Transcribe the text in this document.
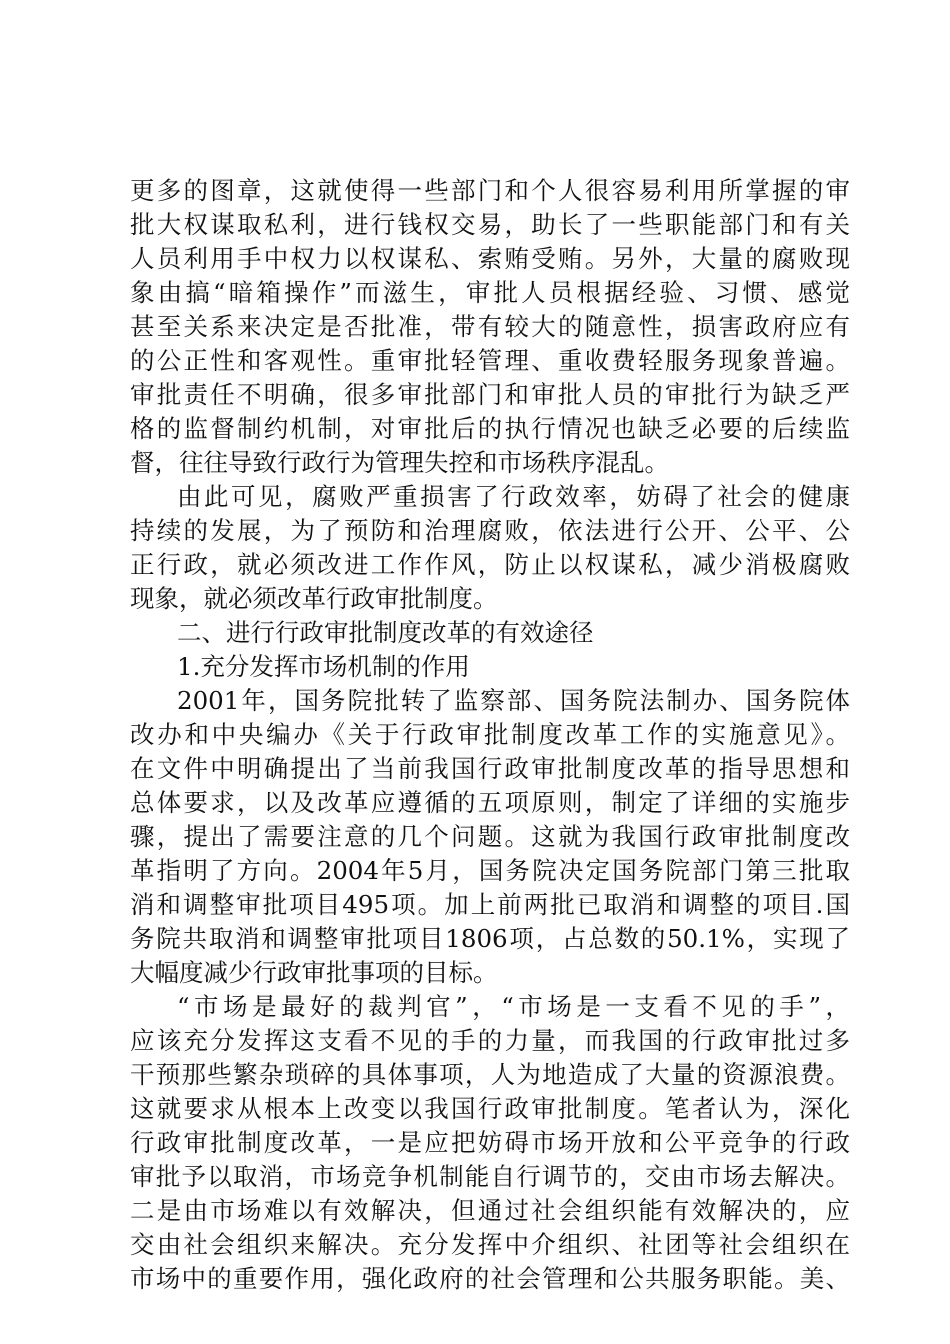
更多的图章，这就使得一些部门和个人很容易利用所掌握的审
批大权谋取私利，进行钱权交易，助长了一些职能部门和有关
人员利用手中权力以权谋私、索贿受贿。另外，大量的腐败现
象由搞“暗箱操作”而滋生，审批人员根据经验、习惯、感觉
甚至关系来决定是否批准，带有较大的随意性，损害政府应有
的公正性和客观性。重审批轻管理、重收费轻服务现象普遍。
审批责任不明确，很多审批部门和审批人员的审批行为缺乏严
格的监督制约机制，对审批后的执行情况也缺乏必要的后续监
督，往往导致行政行为管理失控和市场秩序混乱。
由此可见，腐败严重损害了行政效率，妨碍了社会的健康
持续的发展，为了预防和治理腐败，依法进行公开、公平、公
正行政，就必须改进工作作风，防止以权谋私，减少消极腐败
现象，就必须改革行政审批制度。
二、进行行政审批制度改革的有效途径
1.充分发挥市场机制的作用
2001年，国务院批转了监察部、国务院法制办、国务院体
改办和中央编办《关于行政审批制度改革工作的实施意见》。
在文件中明确提出了当前我国行政审批制度改革的指导思想和
总体要求，以及改革应遵循的五项原则，制定了详细的实施步
骤，提出了需要注意的几个问题。这就为我国行政审批制度改
革指明了方向。2004年5月，国务院决定国务院部门第三批取
消和调整审批项目495项。加上前两批已取消和调整的项目.国
务院共取消和调整审批项目1806项，占总数的50.1%，实现了
大幅度减少行政审批事项的目标。
“市场是最好的裁判官”，“市场是一支看不见的手”，
应该充分发挥这支看不见的手的力量，而我国的行政审批过多
干预那些繁杂琐碎的具体事项，人为地造成了大量的资源浪费。
这就要求从根本上改变以我国行政审批制度。笔者认为，深化
行政审批制度改革，一是应把妨碍市场开放和公平竞争的行政
审批予以取消，市场竞争机制能自行调节的，交由市场去解决。
二是由市场难以有效解决，但通过社会组织能有效解决的，应
交由社会组织来解决。充分发挥中介组织、社团等社会组织在
市场中的重要作用，强化政府的社会管理和公共服务职能。美、
